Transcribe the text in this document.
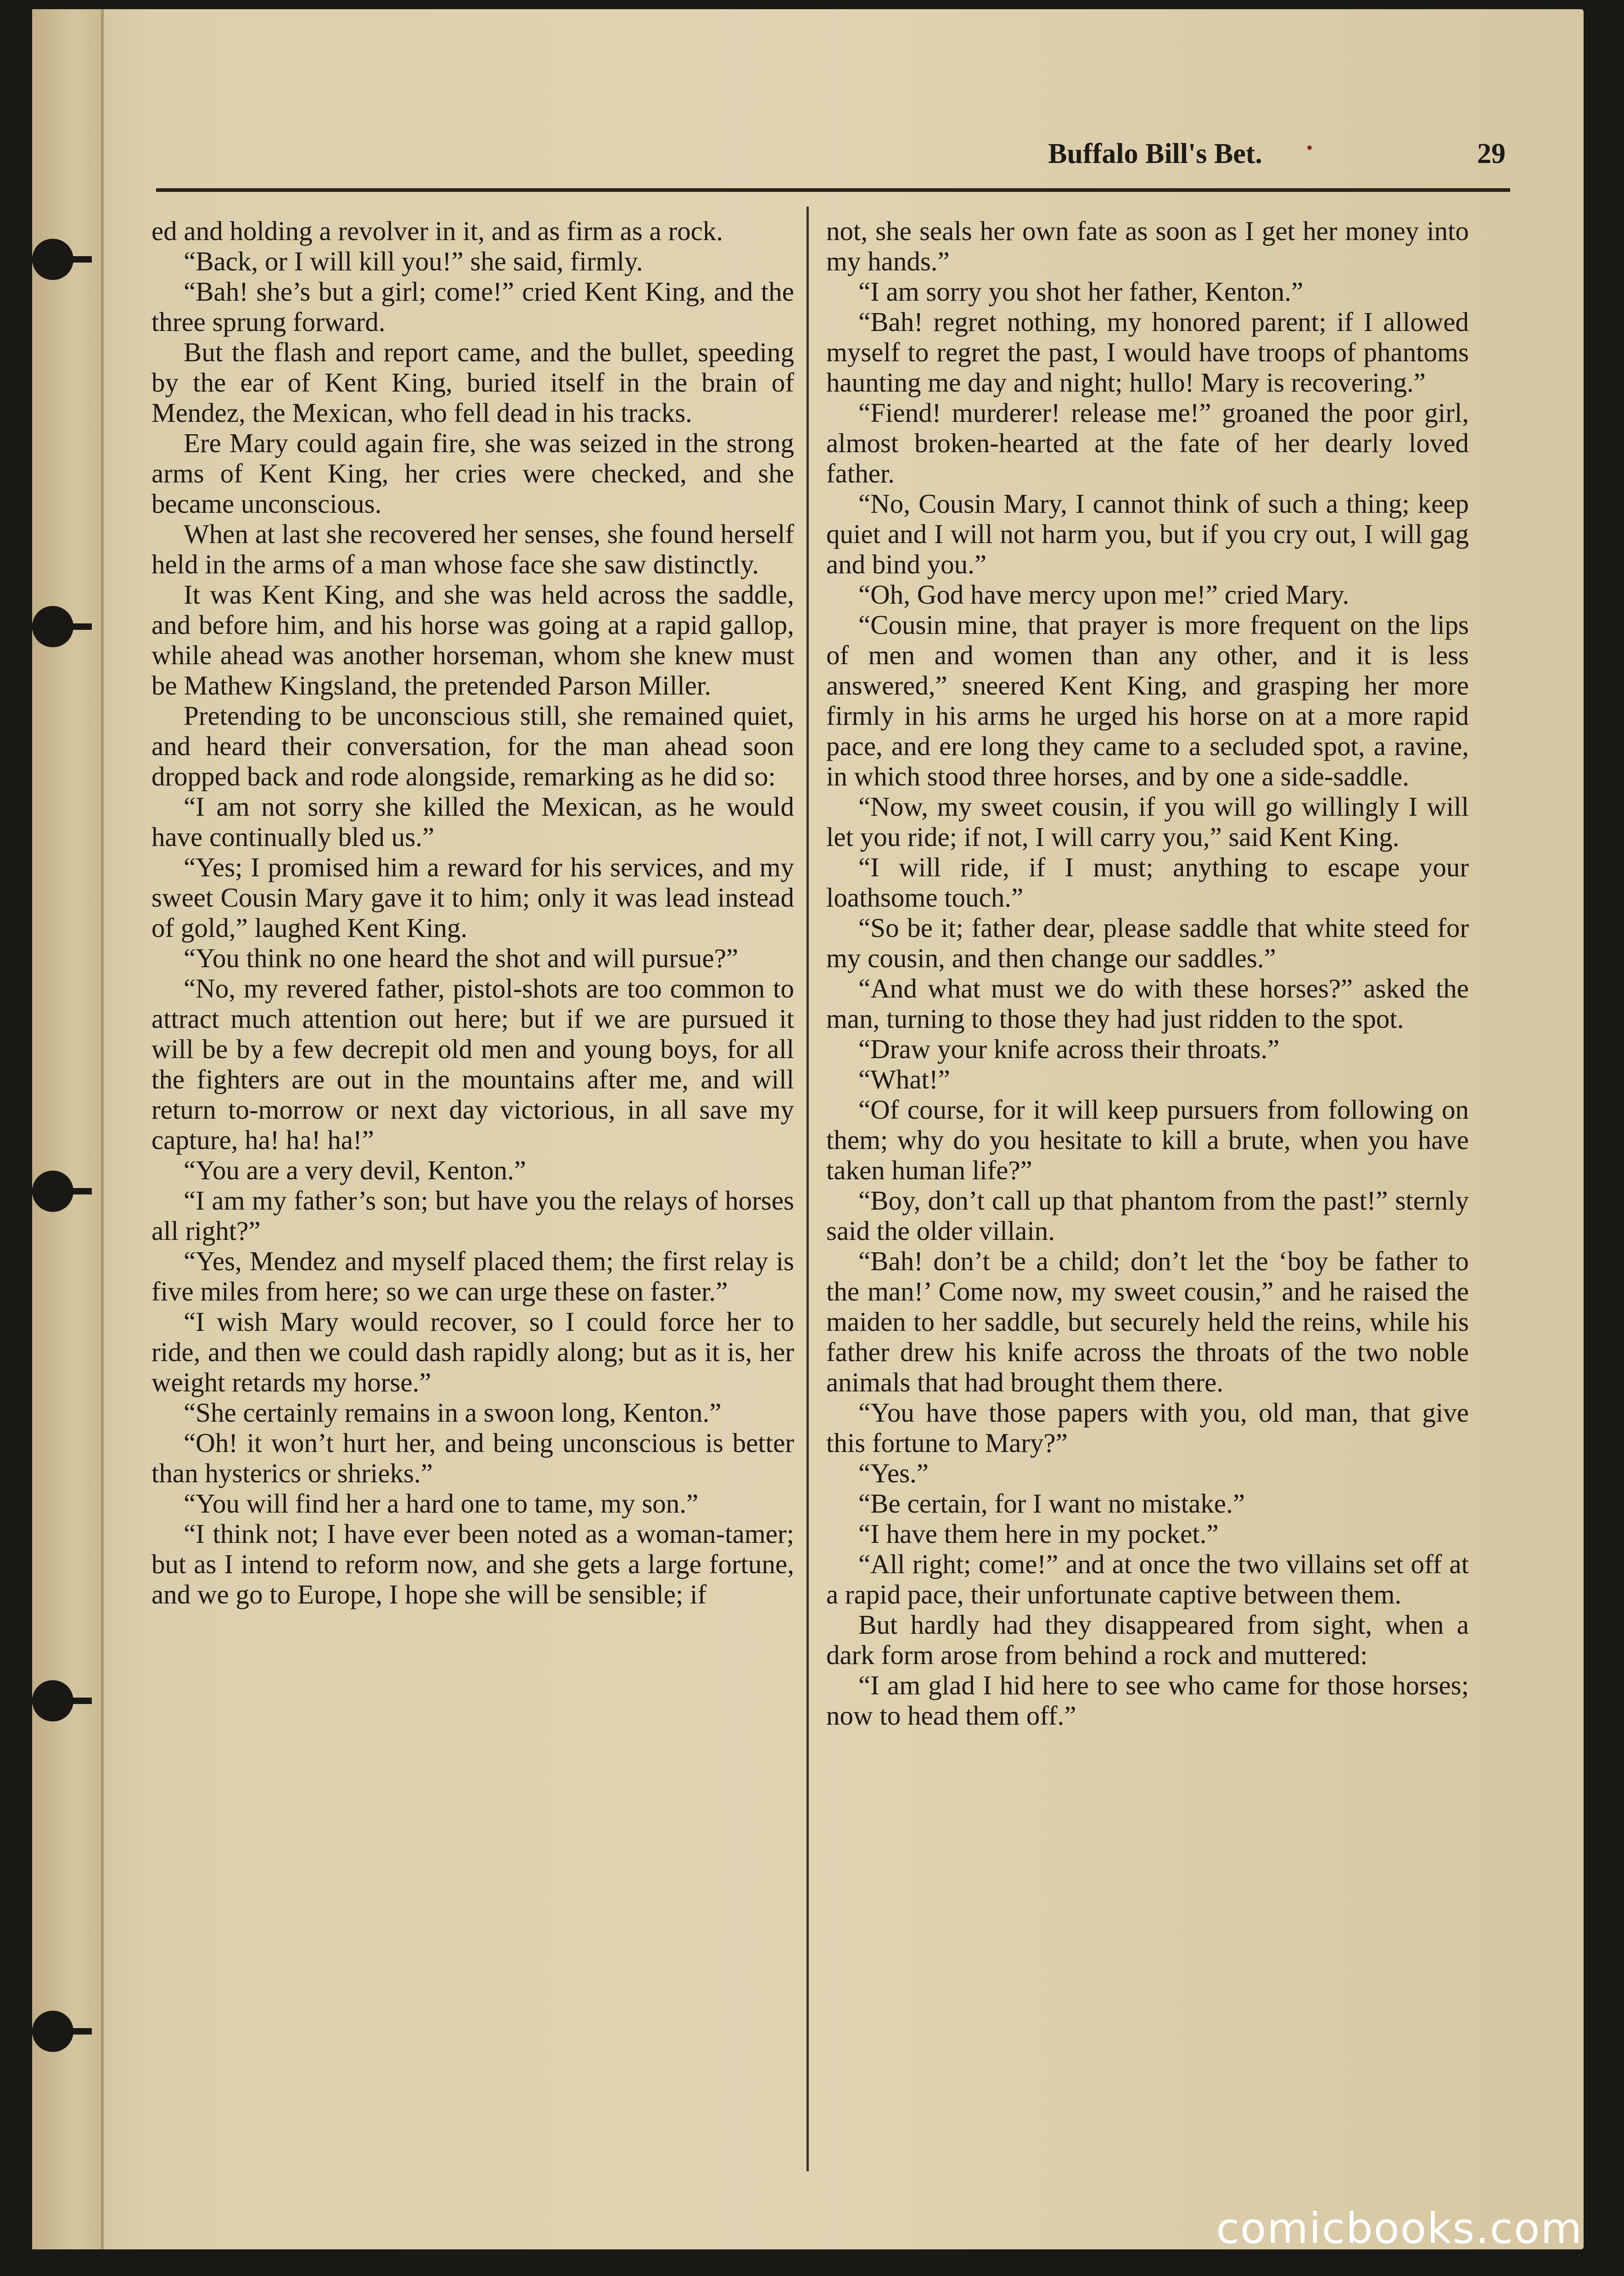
Buffalo Bill's Bet. •	29

ed and holding a revolver in it, and as firm as a rock.

“Back, or I will kill you!” she said, firmly.

“Bah! she’s but a girl; come!” cried Kent King, and the three sprung forward.

But the flash and report came, and the bullet, speeding by the ear of Kent King, buried itself in the brain of Mendez, the Mexican, who fell dead in his tracks.

Ere Mary could again fire, she was seized in the strong arms of Kent King, her cries were checked, and she became unconscious.

When at last she recovered her senses, she found herself held in the arms of a man whose face she saw distinctly.

It was Kent King, and she was held across the saddle, and before him, and his horse was going at a rapid gallop, while ahead was another horseman, whom she knew must be Mathew Kingsland, the pretended Parson Miller.

Pretending to be unconscious still, she remained quiet, and heard their conversation, for the man ahead soon dropped back and rode alongside, remarking as he did so:

“I am not sorry she killed the Mexican, as he would have continually bled us.”

“Yes; I promised him a reward for his services, and my sweet Cousin Mary gave it to him; only it was lead instead of gold,” laughed Kent King.

“You think no one heard the shot and will pursue?”

“No, my revered father, pistol-shots are too common to attract much attention out here; but if we are pursued it will be by a few decrepit old men and young boys, for all the fighters are out in the mountains after me, and will return to-morrow or next day victorious, in all save my capture, ha! ha! ha!”

“You are a very devil, Kenton.”

“I am my father’s son; but have you the relays of horses all right?”

“Yes, Mendez and myself placed them; the first relay is five miles from here; so we can urge these on faster.”

“I wish Mary would recover, so I could force her to ride, and then we could dash rapidly along; but as it is, her weight retards my horse.”

“She certainly remains in a swoon long, Kenton.”

“Oh! it won’t hurt her, and being unconscious is better than hysterics or shrieks.”

“You will find her a hard one to tame, my son.”

“I think not; I have ever been noted as a woman-tamer; but as I intend to reform now, and she gets a large fortune, and we go to Europe, I hope she will be sensible; if

not, she seals her own fate as soon as I get her money into my hands.”

“I am sorry you shot her father, Kenton.”

“Bah! regret nothing, my honored parent; if I allowed myself to regret the past, I would have troops of phantoms haunting me day and night; hullo! Mary is recovering.”

“Fiend! murderer! release me!” groaned the poor girl, almost broken-hearted at the fate of her dearly loved father.

“No, Cousin Mary, I cannot think of such a thing; keep quiet and I will not harm you, but if you cry out, I will gag and bind you.”

“Oh, God have mercy upon me!” cried Mary.

“Cousin mine, that prayer is more frequent on the lips of men and women than any other, and it is less answered,” sneered Kent King, and grasping her more firmly in his arms he urged his horse on at a more rapid pace, and ere long they came to a secluded spot, a ravine, in which stood three horses, and by one a side-saddle.

“Now, my sweet cousin, if you will go willingly I will let you ride; if not, I will carry you,” said Kent King.

“I will ride, if I must; anything to escape your loathsome touch.”

“So be it; father dear, please saddle that white steed for my cousin, and then change our saddles.”

“And what must we do with these horses?” asked the man, turning to those they had just ridden to the spot.

“Draw your knife across their throats.”

“What!”

“Of course, for it will keep pursuers from following on them; why do you hesitate to kill a brute, when you have taken human life?”

“Boy, don’t call up that phantom from the past!” sternly said the older villain.

“Bah! don’t be a child; don’t let the ‘boy be father to the man!’ Come now, my sweet cousin,” and he raised the maiden to her saddle, but securely held the reins, while his father drew his knife across the throats of the two noble animals that had brought them there.

“You have those papers with you, old man, that give this fortune to Mary?”

“Yes.”

“Be certain, for I want no mistake.”

“I have them here in my pocket.”

“All right; come!” and at once the two villains set off at a rapid pace, their unfortunate captive between them.

But hardly had they disappeared from sight, when a dark form arose from behind a rock and muttered:

“I am glad I hid here to see who came for those horses; now to head them off.”

comicbooks.com
